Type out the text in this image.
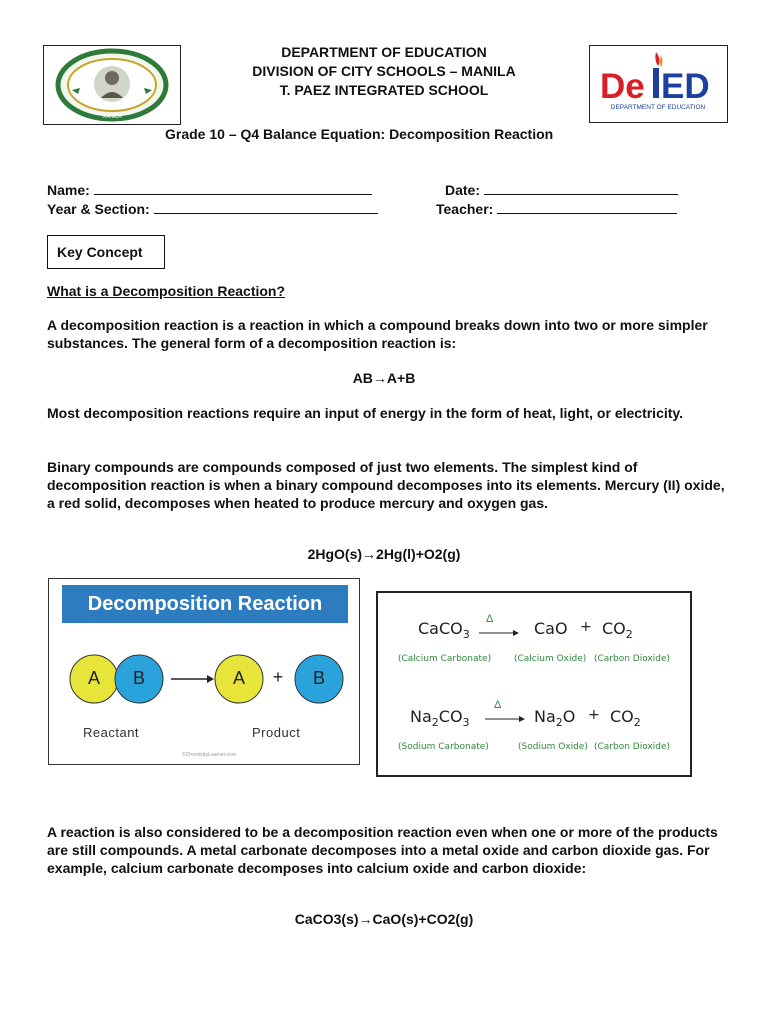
MANILA
DEPARTMENT OF EDUCATION
DIVISION OF CITY SCHOOLS – MANILA
T. PAEZ INTEGRATED SCHOOL	De ED
DEPARTMENT OF EDUCATION
Grade 10 – Q4 Balance Equation: Decomposition Reaction
Name:	Date:
Year & Section:	Teacher:
Key Concept
What is a Decomposition Reaction?
A decomposition reaction is a reaction in which a compound breaks down into two or more simpler substances. The general form of a decomposition reaction is:
AB→A+B
Most decomposition reactions require an input of energy in the form of heat, light, or electricity.
Binary compounds are compounds composed of just two elements. The simplest kind of decomposition reaction is when a binary compound decomposes into its elements. Mercury (II) oxide, a red solid, decomposes when heated to produce mercury and oxygen gas.
2HgO(s)→2Hg(l)+O2(g)
Decomposition Reaction
A	B	A	+	B
Reactant	Product
©ChemistryLearner.com
CaCO$_3$
Δ	CaO + $CO_2$
(Calcium Carbonate)	(Calcium Oxide) (Carbon Dioxide)
$Na_2CO_3$
Δ
$Na_2O + CO_2$
(Sodium Carbonate)	(Sodium Oxide) (Carbon Dioxide)
A reaction is also considered to be a decomposition reaction even when one or more of the products are still compounds. A metal carbonate decomposes into a metal oxide and carbon dioxide gas. For example, calcium carbonate decomposes into calcium oxide and carbon dioxide:
CaCO3(s)→CaO(s)+CO2(g)
